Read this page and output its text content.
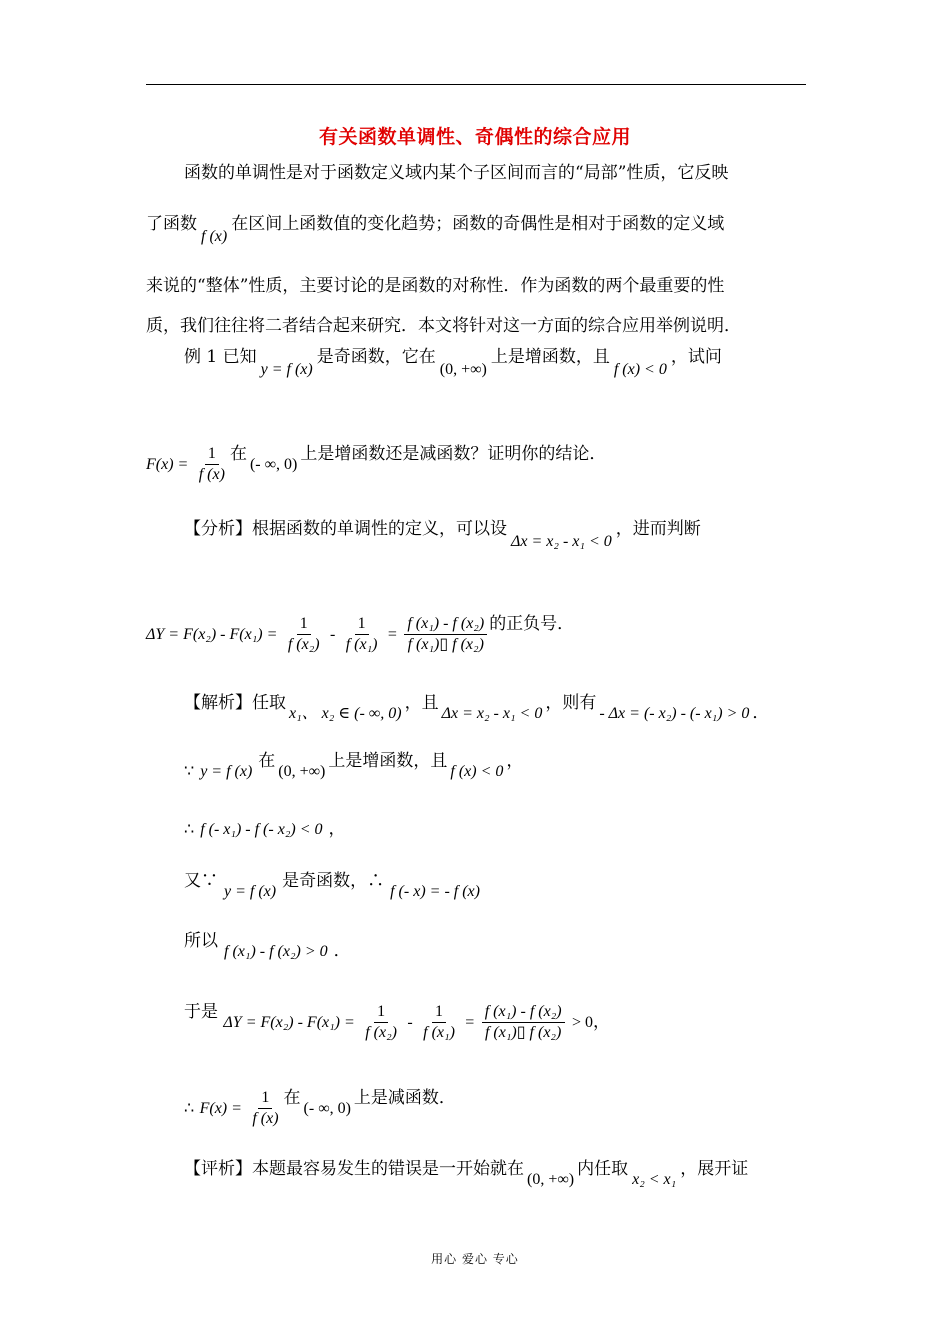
有关函数单调性、奇偶性的综合应用
函数的单调性是对于函数定义域内某个子区间而言的“局部”性质，它反映
了函数f (x)在区间上函数值的变化趋势；函数的奇偶性是相对于函数的定义域
来说的“整体”性质，主要讨论的是函数的对称性．作为函数的两个最重要的性
质，我们往往将二者结合起来研究．本文将针对这一方面的综合应用举例说明．
例 1 已知y = f (x)是奇函数，它在(0, +∞)上是增函数，且f (x) < 0，试问
$F(x) = \frac{1}{f (x)}$ 在(- ∞, 0)上是增函数还是减函数？证明你的结论．
【分析】根据函数的单调性的定义，可以设Δx = x₂ - x₁ < 0，进而判断
$\Delta Y = F(x_2) - F(x_1) = \frac{1}{\text{f (x₂)}} - \frac{1}{\text{f (x₁)}} = \frac{\text{f (x₁) - f (x₂)}}{\text{f (x₁)▯ f (x₂)}}$ 的正负号．
【解析】任取x₁、 x₂ ∈ (- ∞, 0)，且Δx = x₂ - x₁ < 0，则有- Δx = (- x₂) - (- x₁) > 0 ．
∵ y = f (x)在(0, +∞)上是增函数，且f (x) < 0，
∴ f (- x₁) - f (- x₂) < 0 ，
又∵y = f (x)是奇函数，∴f (- x) = - f (x)
所以f (x₁) - f (x₂) > 0 ．
于是 $\Delta Y = F(x_2) - F(x_1) = \frac{1}{\text{f (x₂)}} - \frac{1}{\text{f (x₁)}} = \frac{\text{f (x₁) - f (x₂)}}{\text{f (x₁)▯ f (x₂)}} > 0$，
∴ $F(x) = \frac{1}{f (x)}$ 在(- ∞, 0)上是减函数．
【评析】本题最容易发生的错误是一开始就在(0, +∞)内任取x₂ < x₁，展开证
用心 爱心 专心
